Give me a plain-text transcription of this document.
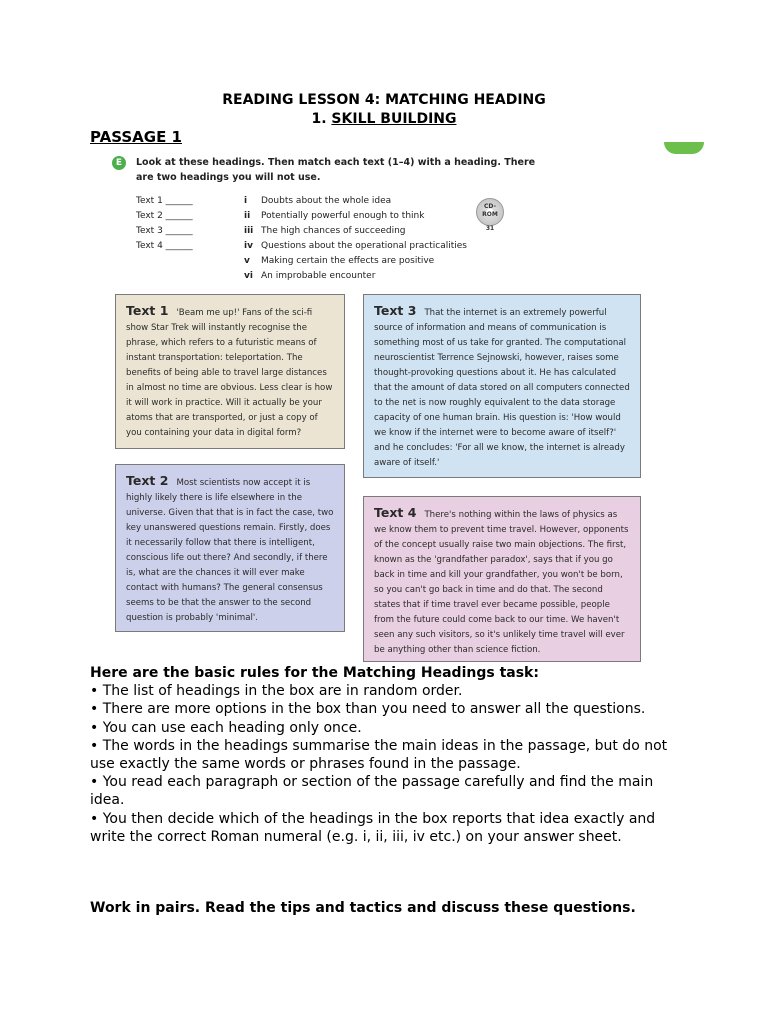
READING LESSON 4: MATCHING HEADING
1. SKILL BUILDING
PASSAGE 1
E	Look at these headings. Then match each text (1–4) with a heading. There are two headings you will not use.
Text 1 ______
Text 2 ______
Text 3 ______
Text 4 ______
i Doubts about the whole idea
ii Potentially powerful enough to think
iii The high chances of succeeding
iv Questions about the operational practicalities
v Making certain the effects are positive
vi An improbable encounter
CD-ROM
31
Text 1 'Beam me up!' Fans of the sci-fi show Star Trek will instantly recognise the phrase, which refers to a futuristic means of instant transportation: teleportation. The benefits of being able to travel large distances in almost no time are obvious. Less clear is how it will work in practice. Will it actually be your atoms that are transported, or just a copy of you containing your data in digital form?
Text 2 Most scientists now accept it is highly likely there is life elsewhere in the universe. Given that that is in fact the case, two key unanswered questions remain. Firstly, does it necessarily follow that there is intelligent, conscious life out there? And secondly, if there is, what are the chances it will ever make contact with humans? The general consensus seems to be that the answer to the second question is probably 'minimal'.
Text 3 That the internet is an extremely powerful source of information and means of communication is something most of us take for granted. The computational neuroscientist Terrence Sejnowski, however, raises some thought-provoking questions about it. He has calculated that the amount of data stored on all computers connected to the net is now roughly equivalent to the data storage capacity of one human brain. His question is: 'How would we know if the internet were to become aware of itself?' and he concludes: 'For all we know, the internet is already aware of itself.'
Text 4 There's nothing within the laws of physics as we know them to prevent time travel. However, opponents of the concept usually raise two main objections. The first, known as the 'grandfather paradox', says that if you go back in time and kill your grandfather, you won't be born, so you can't go back in time and do that. The second states that if time travel ever became possible, people from the future could come back to our time. We haven't seen any such visitors, so it's unlikely time travel will ever be anything other than science fiction.
Here are the basic rules for the Matching Headings task:
• The list of headings in the box are in random order.
• There are more options in the box than you need to answer all the questions.
• You can use each heading only once.
• The words in the headings summarise the main ideas in the passage, but do not use exactly the same words or phrases found in the passage.
• You read each paragraph or section of the passage carefully and find the main idea.
• You then decide which of the headings in the box reports that idea exactly and write the correct Roman numeral (e.g. i, ii, iii, iv etc.) on your answer sheet.
Work in pairs. Read the tips and tactics and discuss these questions.
